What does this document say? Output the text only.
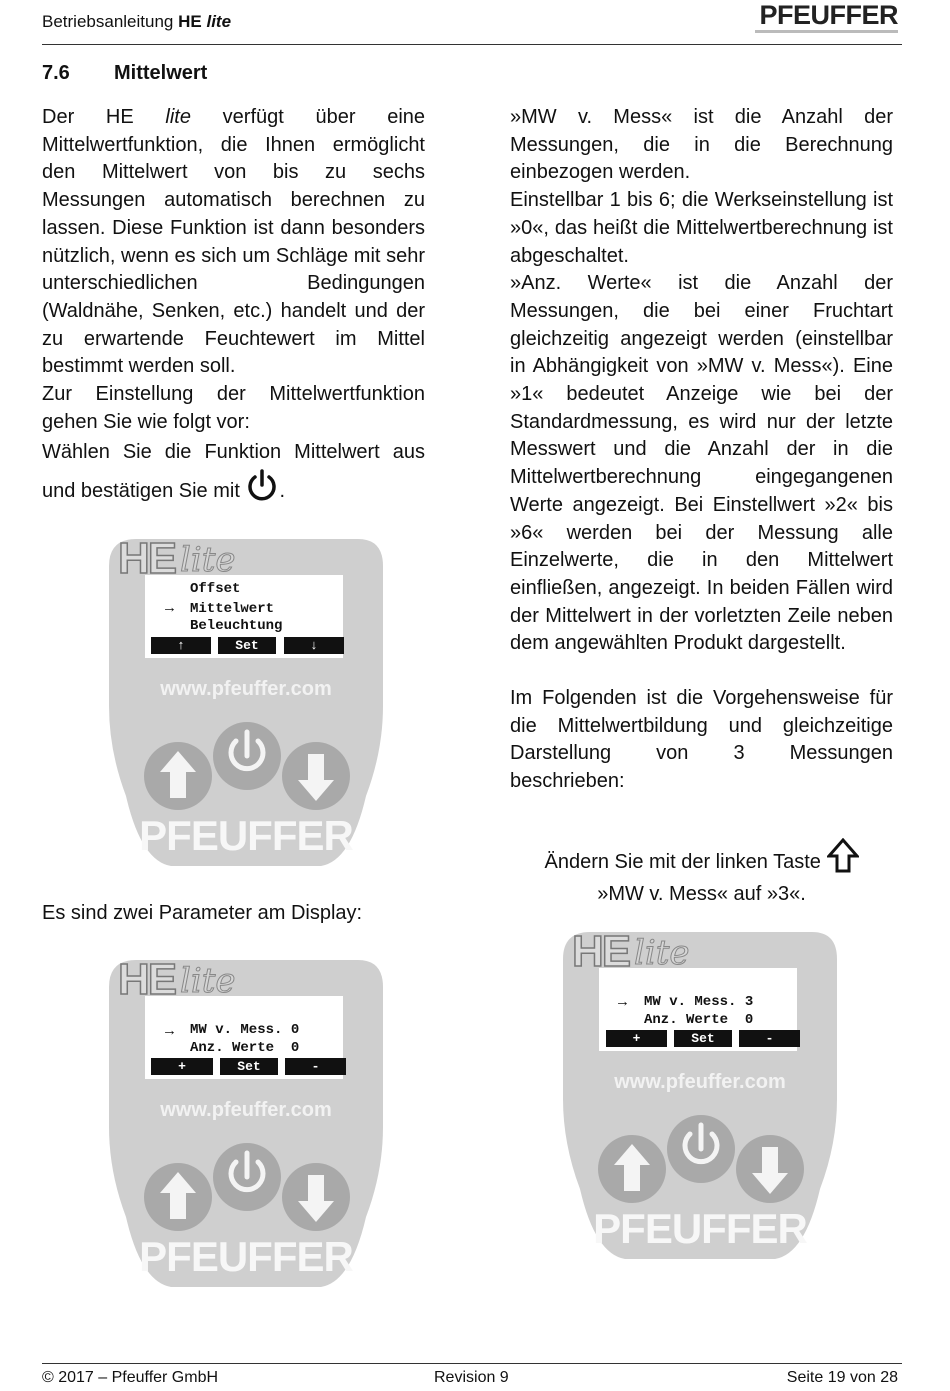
Betriebsanleitung HE lite	PFEUFFER
7.6 Mittelwert

Der HE lite verfügt über eine Mittelwertfunktion, die Ihnen ermöglicht den Mittelwert von bis zu sechs Messungen automatisch berechnen zu lassen. Diese Funktion ist dann besonders nützlich, wenn es sich um Schläge mit sehr unterschiedlichen Bedingungen (Waldnähe, Senken, etc.) handelt und der zu erwartende Feuchtewert im Mittel bestimmt werden soll.

Zur Einstellung der Mittelwertfunktion gehen Sie wie folgt vor:

Wählen Sie die Funktion Mittelwert aus und bestätigen Sie mit .

HE lite
→
Offset
Mittelwert
Beleuchtung
↑	Set	↓
www.pfeuffer.com
PFEUFFER
Es sind zwei Parameter am Display:
HE lite
→ MW v. Mess. 0
Anz. Werte  0
+	Set	-
www.pfeuffer.com
PFEUFFER

»MW v. Mess« ist die Anzahl der Messungen, die in die Berechnung einbezogen werden.

Einstellbar 1 bis 6; die Werkseinstellung ist »0«, das heißt die Mittelwertberechnung ist abgeschaltet.

»Anz. Werte« ist die Anzahl der Messungen, die bei einer Fruchtart gleichzeitig angezeigt werden (einstellbar in Abhängigkeit von »MW v. Mess«). Eine »1« bedeutet Anzeige wie bei der Standardmessung, es wird nur der letzte Messwert und die Anzahl der in die Mittelwertberechnung eingegangenen Werte angezeigt. Bei Einstellwert »2« bis »6« werden bei der Messung alle Einzelwerte, die in den Mittelwert einfließen, angezeigt. In beiden Fällen wird der Mittelwert in der vorletzten Zeile neben dem angewählten Produkt dargestellt.

Im Folgenden ist die Vorgehensweise für die Mittelwertbildung und gleichzeitige Darstellung von 3 Messungen beschrieben:

Ändern Sie mit der linken Taste
»MW v. Mess« auf »3«.
HE lite
→ MW v. Mess. 3
Anz. Werte  0
+	Set	-
www.pfeuffer.com
PFEUFFER
© 2017 – Pfeuffer GmbH	Revision 9	Seite 19 von 28
